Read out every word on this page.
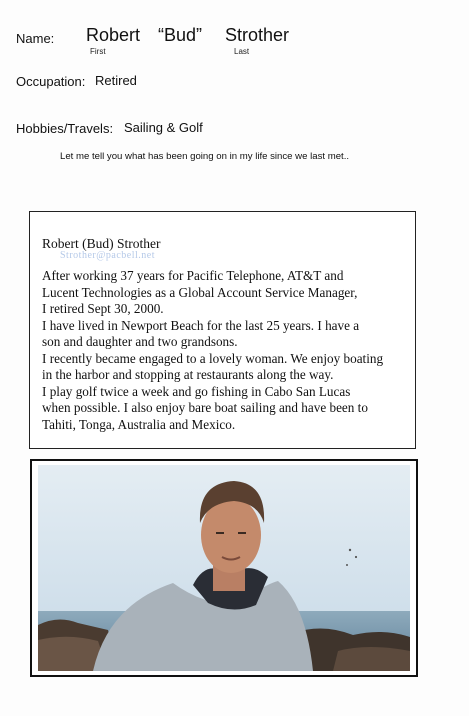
Name: Robert “Bud” Strother
First	Last
Occupation: Retired
Hobbies/Travels: Sailing & Golf
Let me tell you what has been going on in my life since we last met..
Robert (Bud) Strother
Strother@pacbell.net
After working 37 years for Pacific Telephone, AT&T and
Lucent Technologies as a Global Account Service Manager,
I retired Sept 30, 2000.
I have lived in Newport Beach for the last 25 years. I have a
son and daughter and two grandsons.
I recently became engaged to a lovely woman. We enjoy boating
in the harbor and stopping at restaurants along the way.
I play golf twice a week and go fishing in Cabo San Lucas
when possible. I also enjoy bare boat sailing and have been to
Tahiti, Tonga, Australia and Mexico.
